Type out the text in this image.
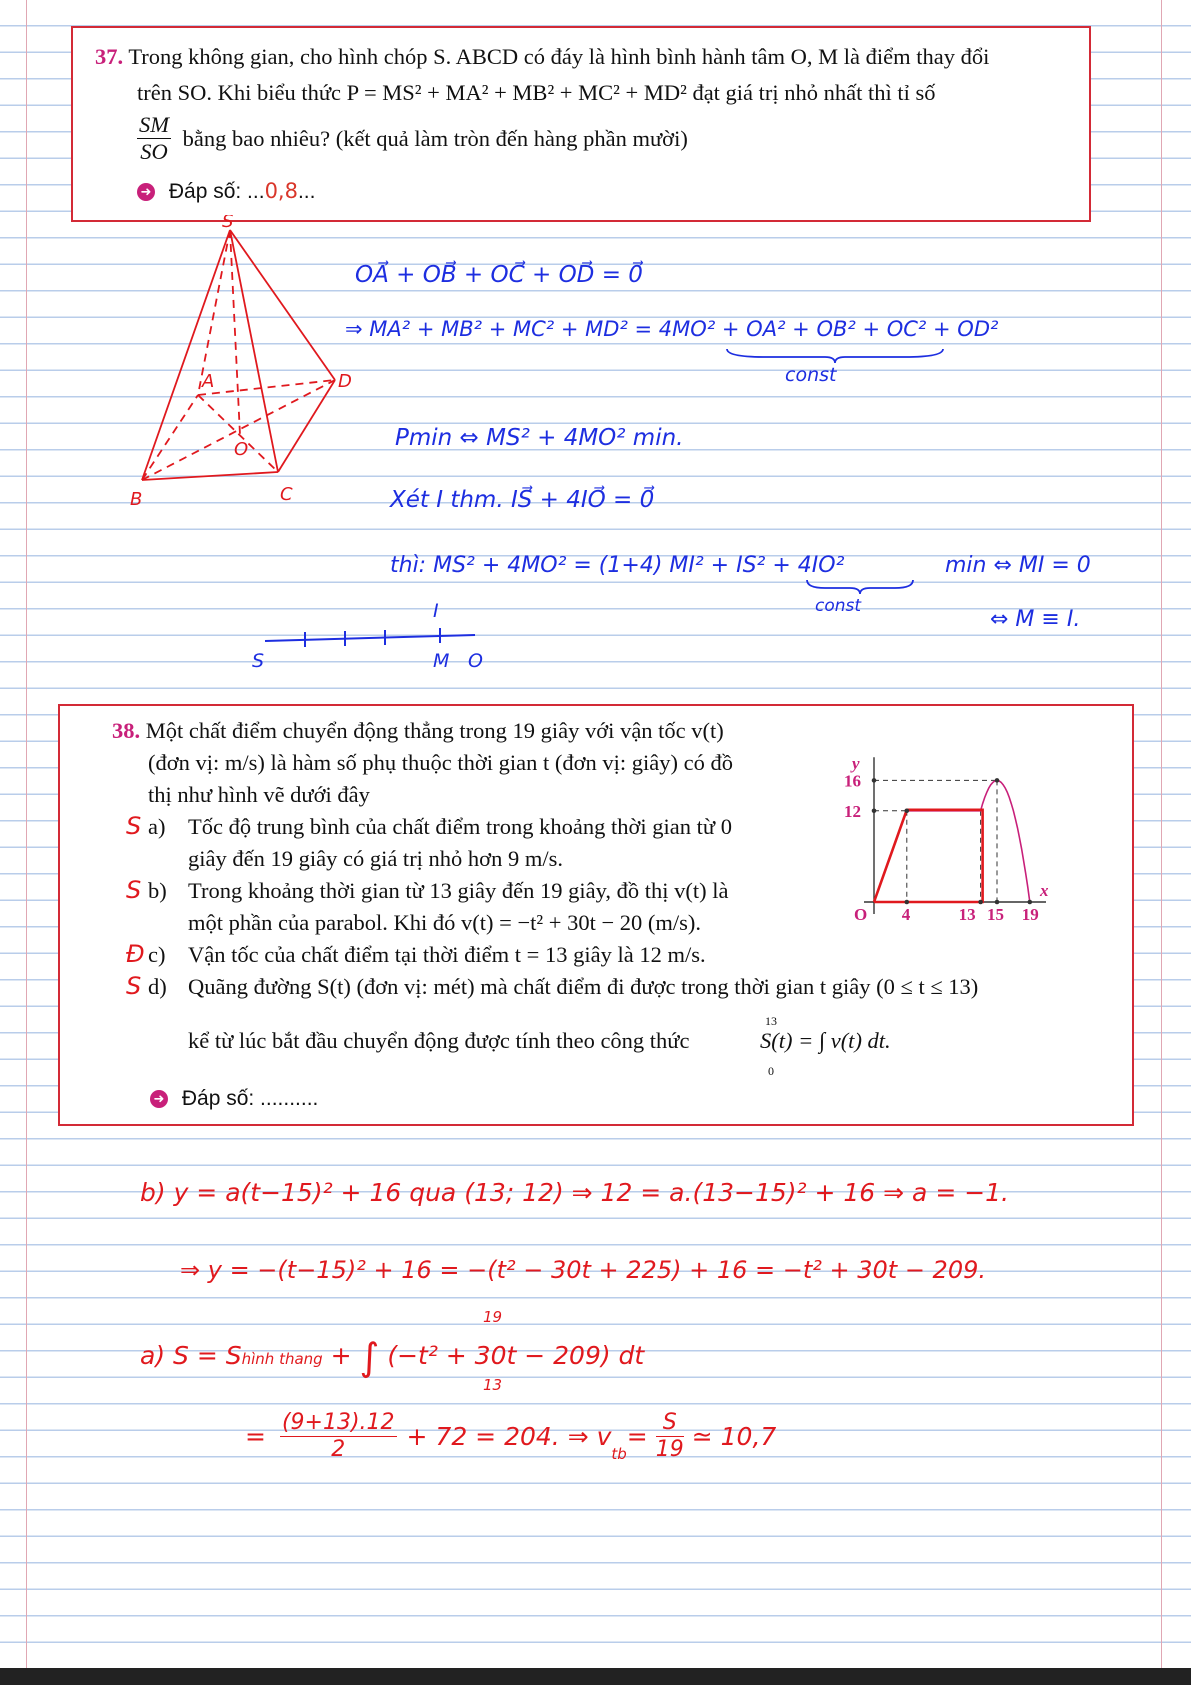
37. Trong không gian, cho hình chóp S. ABCD có đáy là hình bình hành tâm O, M là điểm thay đổi
trên SO. Khi biểu thức P = MS² + MA² + MB² + MC² + MD² đạt giá trị nhỏ nhất thì tỉ số
$\frac{SM}{SO}$ bằng bao nhiêu? (kết quả làm tròn đến hàng phần mười)
➜ Đáp số: ...0,8...
S
A	D
B	C
O
OA⃗ + OB⃗ + OC⃗ + OD⃗ = 0⃗
⇒ MA² + MB² + MC² + MD² = 4MO² + OA² + OB² + OC² + OD²
const
Pmin ⇔ MS² + 4MO² min.
Xét I thm. IS⃗ + 4IO⃗ = 0⃗
thì: MS² + 4MO² = (1+4) MI² + IS² + 4IO²
const
min ⇔ MI = 0
⇔ M ≡ I.
S
I
M O
38. Một chất điểm chuyển động thẳng trong 19 giây với vận tốc v(t)
(đơn vị: m/s) là hàm số phụ thuộc thời gian t (đơn vị: giây) có đồ
thị như hình vẽ dưới đây
S a) Tốc độ trung bình của chất điểm trong khoảng thời gian từ 0
giây đến 19 giây có giá trị nhỏ hơn 9 m/s.
S b) Trong khoảng thời gian từ 13 giây đến 19 giây, đồ thị v(t) là
một phần của parabol. Khi đó v(t) = −t² + 30t − 20 (m/s).
Đ c) Vận tốc của chất điểm tại thời điểm t = 13 giây là 12 m/s.
S d) Quãng đường S(t) (đơn vị: mét) mà chất điểm đi được trong thời gian t giây (0 ≤ t ≤ 13)
kể từ lúc bắt đầu chuyển động được tính theo công thức
13
0
S(t) = ∫ v(t) dt.
➜ Đáp số: ..........
y
x
16
12
O 4	13 15 19
b) y = a(t−15)² + 16 qua (13; 12) ⇒ 12 = a.(13−15)² + 16 ⇒ a = −1.
⇒ y = −(t−15)² + 16 = −(t² − 30t + 225) + 16 = −t² + 30t − 209.
a) S = Shình thang + ∫ (−t² + 30t − 209) dt
19
13
= $\frac{(9+13).12}{2} + 72 = 204$. ⇒ v
tb
= $\frac{S}{19}$ ≃ 10,7
